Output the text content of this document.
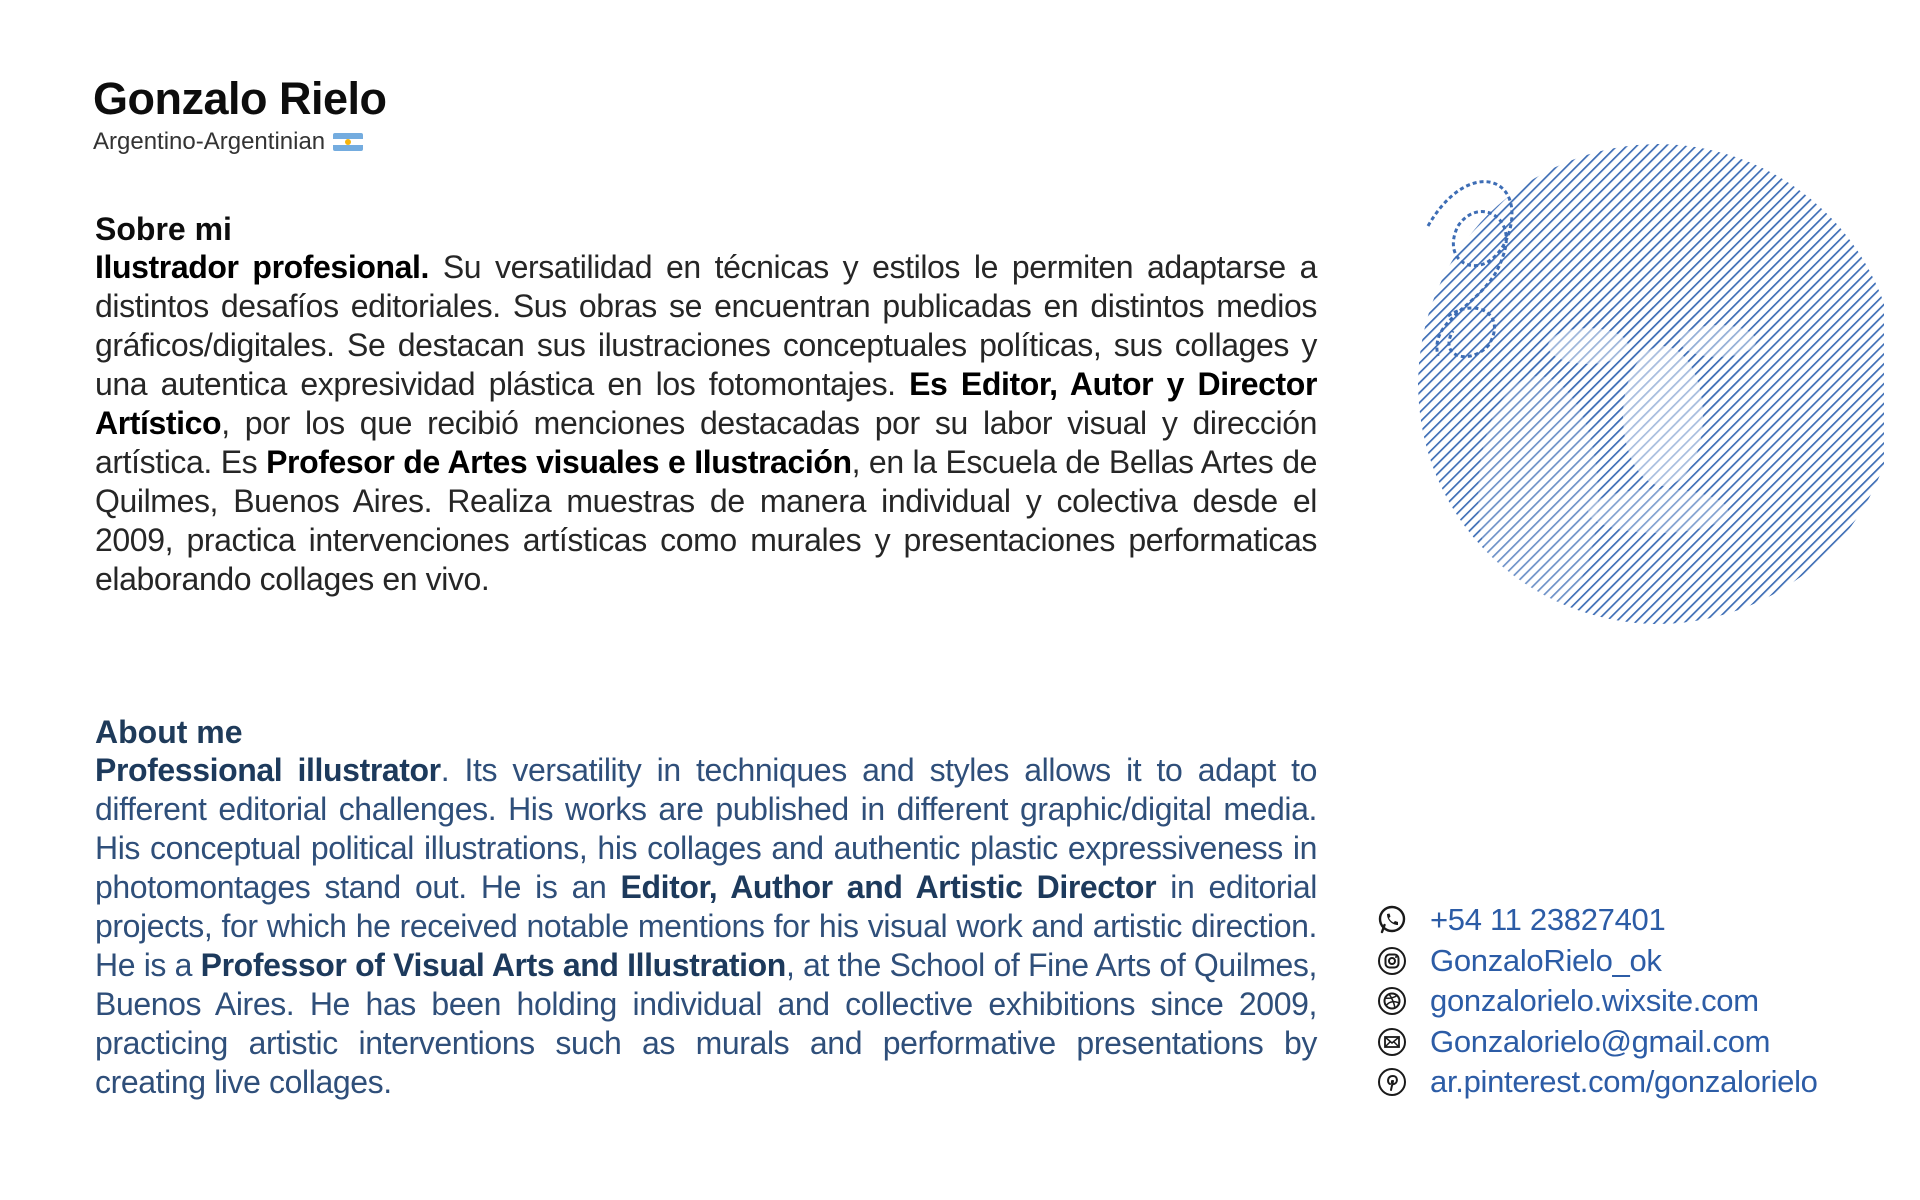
Gonzalo Rielo
Argentino-Argentinian
Sobre mi

Ilustrador profesional. Su versatilidad en técnicas y estilos le permiten adaptarse a distintos desafíos editoriales. Sus obras se encuentran publicadas en distintos medios gráficos/digitales. Se destacan sus ilustraciones conceptuales políticas, sus collages y una autentica expresividad plástica en los fotomontajes. Es Editor, Autor y Director Artístico, por los que recibió menciones destacadas por su labor visual y dirección artística. Es Profesor de Artes visuales e Ilustración, en la Escuela de Bellas Artes de Quilmes, Buenos Aires. Realiza muestras de manera individual y colectiva desde el 2009, practica intervenciones artísticas como murales y presentaciones performaticas elaborando collages en vivo.

About me

Professional illustrator. Its versatility in techniques and styles allows it to adapt to different editorial challenges. His works are published in different graphic/digital media. His conceptual political illustrations, his collages and authentic plastic expressiveness in photomontages stand out. He is an Editor, Author and Artistic Director in editorial projects, for which he received notable mentions for his visual work and artistic direction. He is a Professor of Visual Arts and Illustration, at the School of Fine Arts of Quilmes, Buenos Aires. He has been holding individual and collective exhibitions since 2009, practicing artistic interventions such as murals and performative presentations by creating live collages.

+54 11 23827401
GonzaloRielo_ok
gonzalorielo.wixsite.com
Gonzalorielo@gmail.com
ar.pinterest.com/gonzalorielo
